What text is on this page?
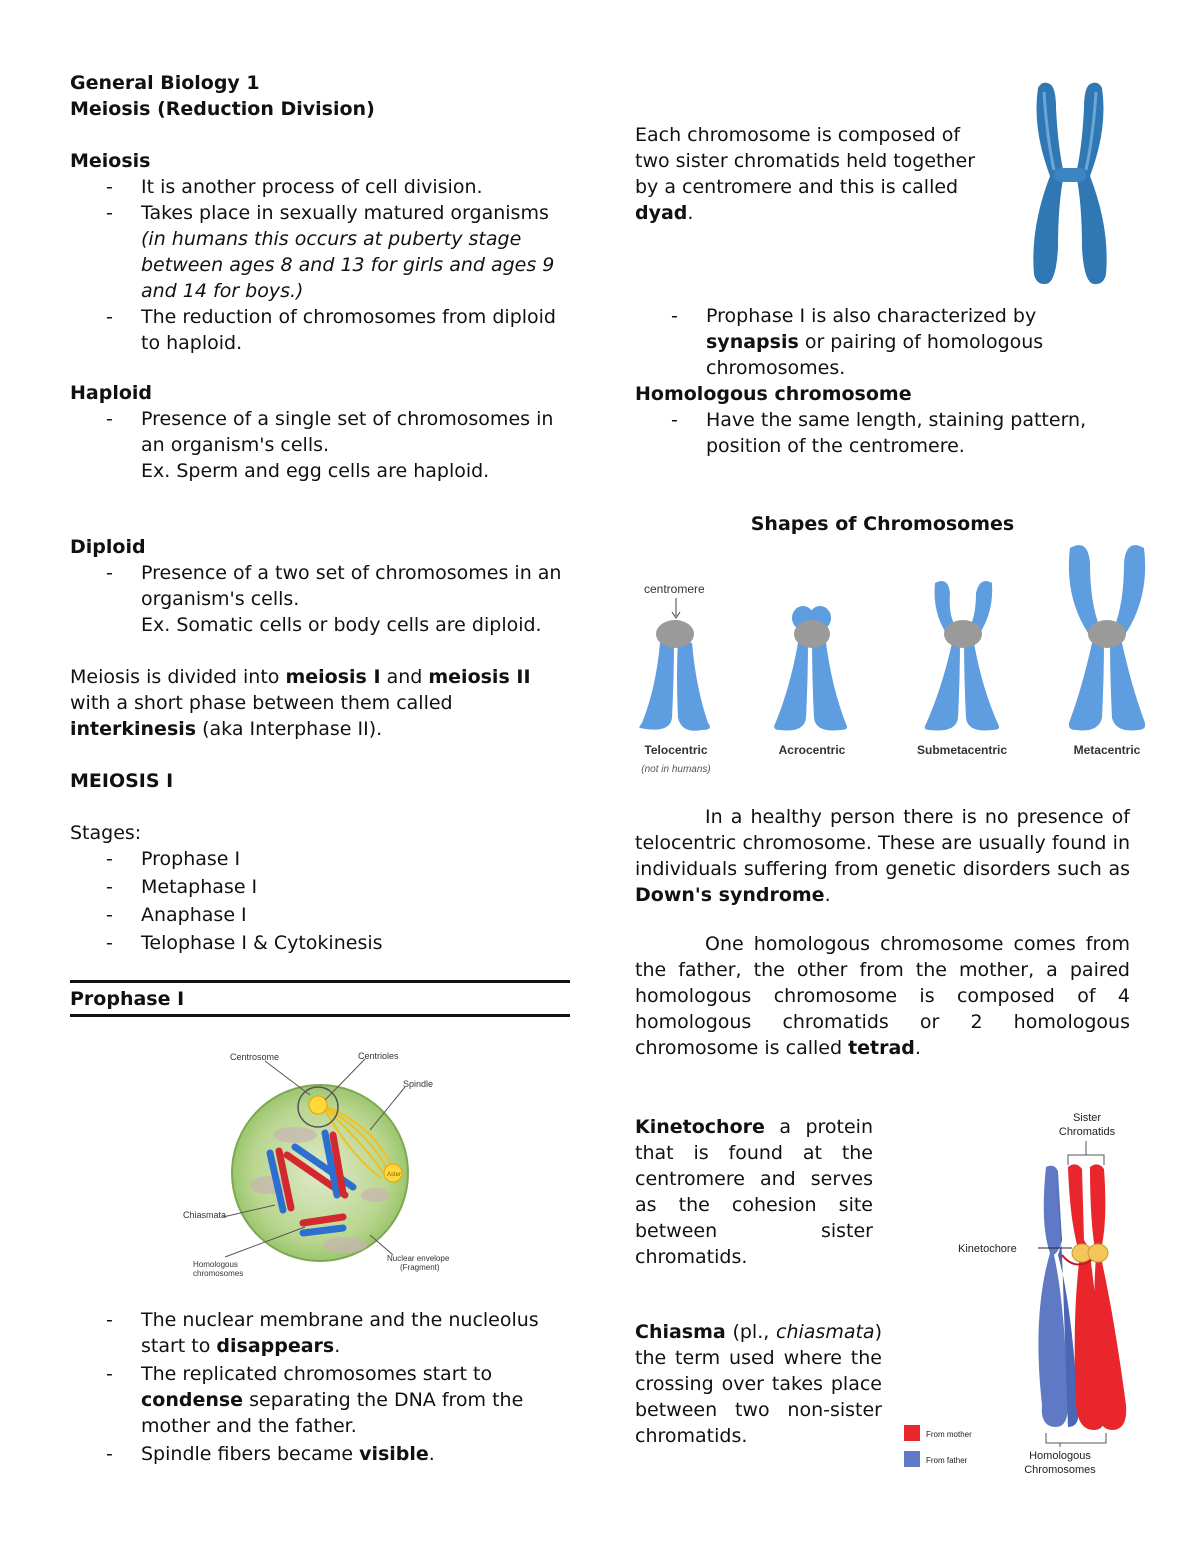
General Biology 1

Meiosis (Reduction Division)

Meiosis

- It is another process of cell division.
- Takes place in sexually matured organisms
(in humans this occurs at puberty stage between ages 8 and 13 for girls and ages 9 and 14 for boys.)
- The reduction of chromosomes from diploid to haploid.

Haploid

- Presence of a single set of chromosomes in an organism's cells.
Ex. Sperm and egg cells are haploid.

Diploid

- Presence of a two set of chromosomes in an organism's cells.
Ex. Somatic cells or body cells are diploid.

Meiosis is divided into meiosis I and meiosis II with a short phase between them called interkinesis (aka Interphase II).

MEIOSIS I

Stages:

- Prophase I
- Metaphase I
- Anaphase I
- Telophase I & Cytokinesis

Prophase I

Centrosome	Centrioles
Spindle
Aster
Chiasmata
Homologous
chromosomes
Nuclear envelope
(Fragment)
- The nuclear membrane and the nucleolus start to disappears.
- The replicated chromosomes start to condense separating the DNA from the mother and the father.
- Spindle fibers became visible.

Each chromosome is composed of two sister chromatids held together by a centromere and this is called dyad.

- Prophase I is also characterized by synapsis or pairing of homologous chromosomes.

Homologous chromosome

- Have the same length, staining pattern, position of the centromere.

Shapes of Chromosomes

centromere
Telocentric
(not in humans)
Acrocentric	Submetacentric	Metacentric

In a healthy person there is no presence of telocentric chromosome. These are usually found in individuals suffering from genetic disorders such as Down's syndrome.

One homologous chromosome comes from the father, the other from the mother, a paired homologous chromosome is composed of 4 homologous chromatids or 2 homologous chromosome is called tetrad.

Kinetochore a protein that is found at the centromere and serves as the cohesion site between sister chromatids.

Chiasma (pl., chiasmata) the term used where the crossing over takes place between two non-sister chromatids.

Sister
Chromatids
Kinetochore
Homologous
Chromosomes
From mother
From father
